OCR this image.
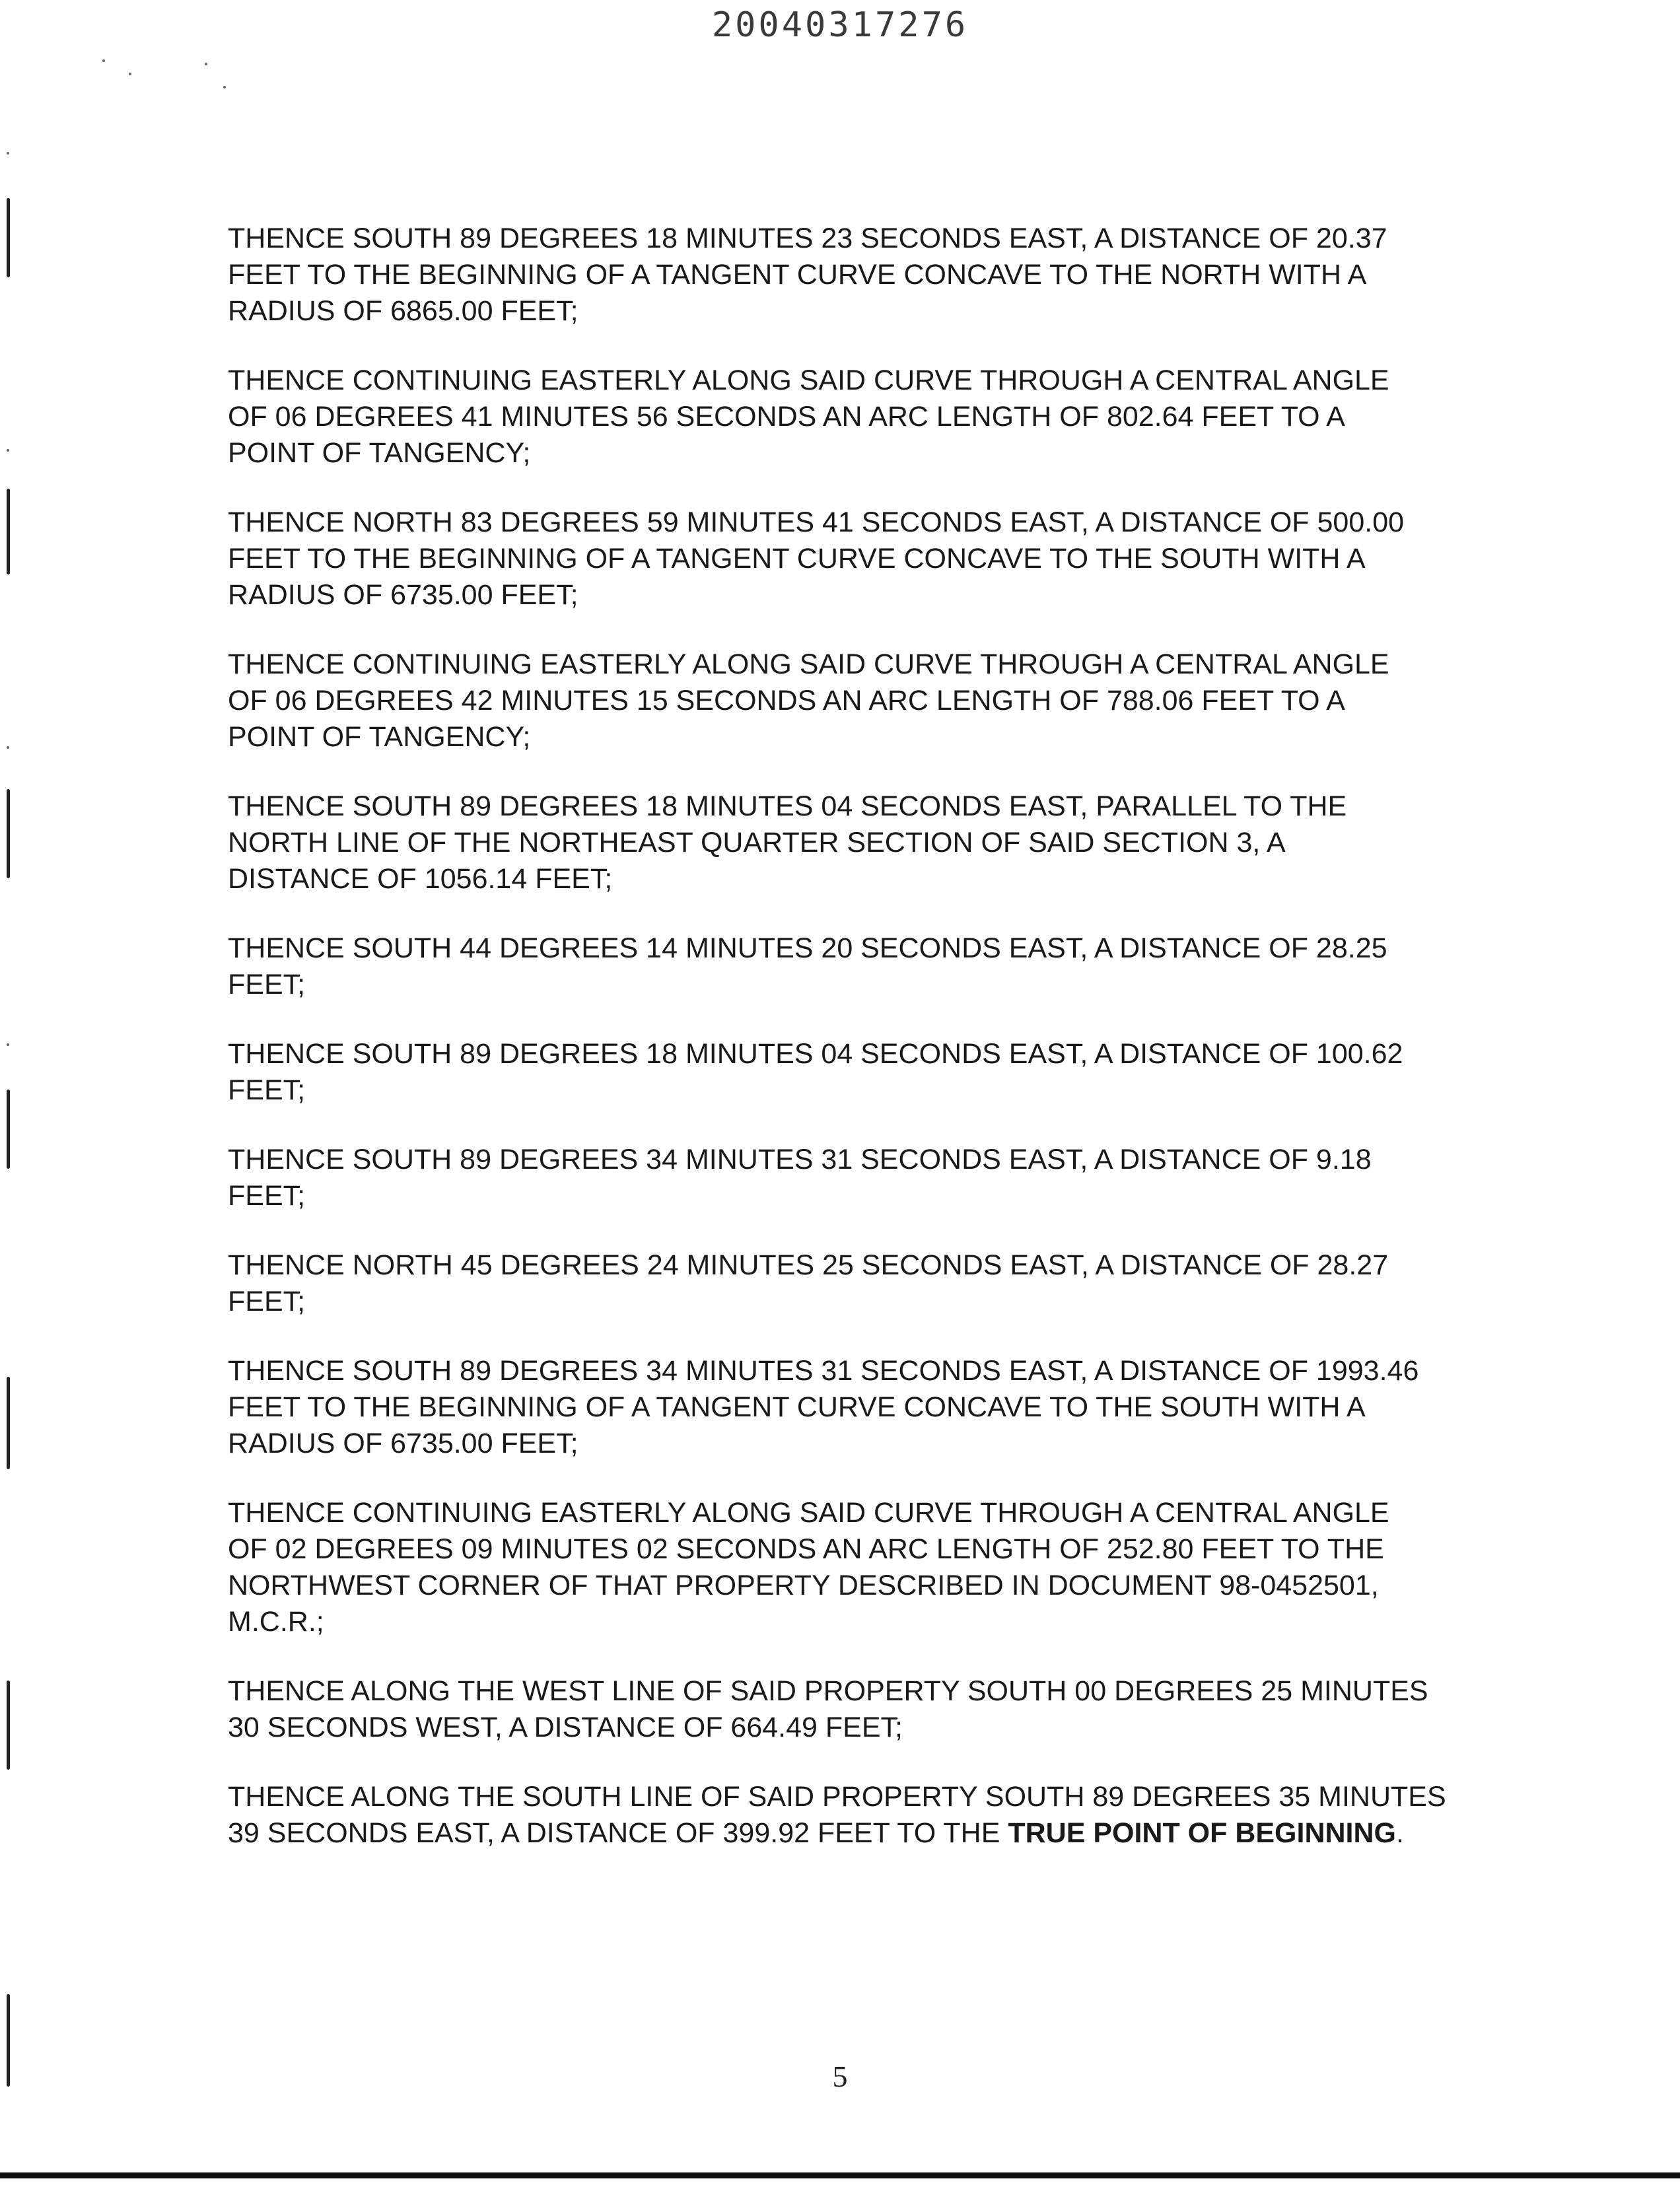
20040317276

THENCE SOUTH 89 DEGREES 18 MINUTES 23 SECONDS EAST, A DISTANCE OF 20.37
FEET TO THE BEGINNING OF A TANGENT CURVE CONCAVE TO THE NORTH WITH A
RADIUS OF 6865.00 FEET;

THENCE CONTINUING EASTERLY ALONG SAID CURVE THROUGH A CENTRAL ANGLE
OF 06 DEGREES 41 MINUTES 56 SECONDS AN ARC LENGTH OF 802.64 FEET TO A
POINT OF TANGENCY;

THENCE NORTH 83 DEGREES 59 MINUTES 41 SECONDS EAST, A DISTANCE OF 500.00
FEET TO THE BEGINNING OF A TANGENT CURVE CONCAVE TO THE SOUTH WITH A
RADIUS OF 6735.00 FEET;

THENCE CONTINUING EASTERLY ALONG SAID CURVE THROUGH A CENTRAL ANGLE
OF 06 DEGREES 42 MINUTES 15 SECONDS AN ARC LENGTH OF 788.06 FEET TO A
POINT OF TANGENCY;

THENCE SOUTH 89 DEGREES 18 MINUTES 04 SECONDS EAST, PARALLEL TO THE
NORTH LINE OF THE NORTHEAST QUARTER SECTION OF SAID SECTION 3, A
DISTANCE OF 1056.14 FEET;

THENCE SOUTH 44 DEGREES 14 MINUTES 20 SECONDS EAST, A DISTANCE OF 28.25
FEET;

THENCE SOUTH 89 DEGREES 18 MINUTES 04 SECONDS EAST, A DISTANCE OF 100.62
FEET;

THENCE SOUTH 89 DEGREES 34 MINUTES 31 SECONDS EAST, A DISTANCE OF 9.18
FEET;

THENCE NORTH 45 DEGREES 24 MINUTES 25 SECONDS EAST, A DISTANCE OF 28.27
FEET;

THENCE SOUTH 89 DEGREES 34 MINUTES 31 SECONDS EAST, A DISTANCE OF 1993.46
FEET TO THE BEGINNING OF A TANGENT CURVE CONCAVE TO THE SOUTH WITH A
RADIUS OF 6735.00 FEET;

THENCE CONTINUING EASTERLY ALONG SAID CURVE THROUGH A CENTRAL ANGLE
OF 02 DEGREES 09 MINUTES 02 SECONDS AN ARC LENGTH OF 252.80 FEET TO THE
NORTHWEST CORNER OF THAT PROPERTY DESCRIBED IN DOCUMENT 98-0452501,
M.C.R.;

THENCE ALONG THE WEST LINE OF SAID PROPERTY SOUTH 00 DEGREES 25 MINUTES
30 SECONDS WEST, A DISTANCE OF 664.49 FEET;

THENCE ALONG THE SOUTH LINE OF SAID PROPERTY SOUTH 89 DEGREES 35 MINUTES
39 SECONDS EAST, A DISTANCE OF 399.92 FEET TO THE TRUE POINT OF BEGINNING.

5
